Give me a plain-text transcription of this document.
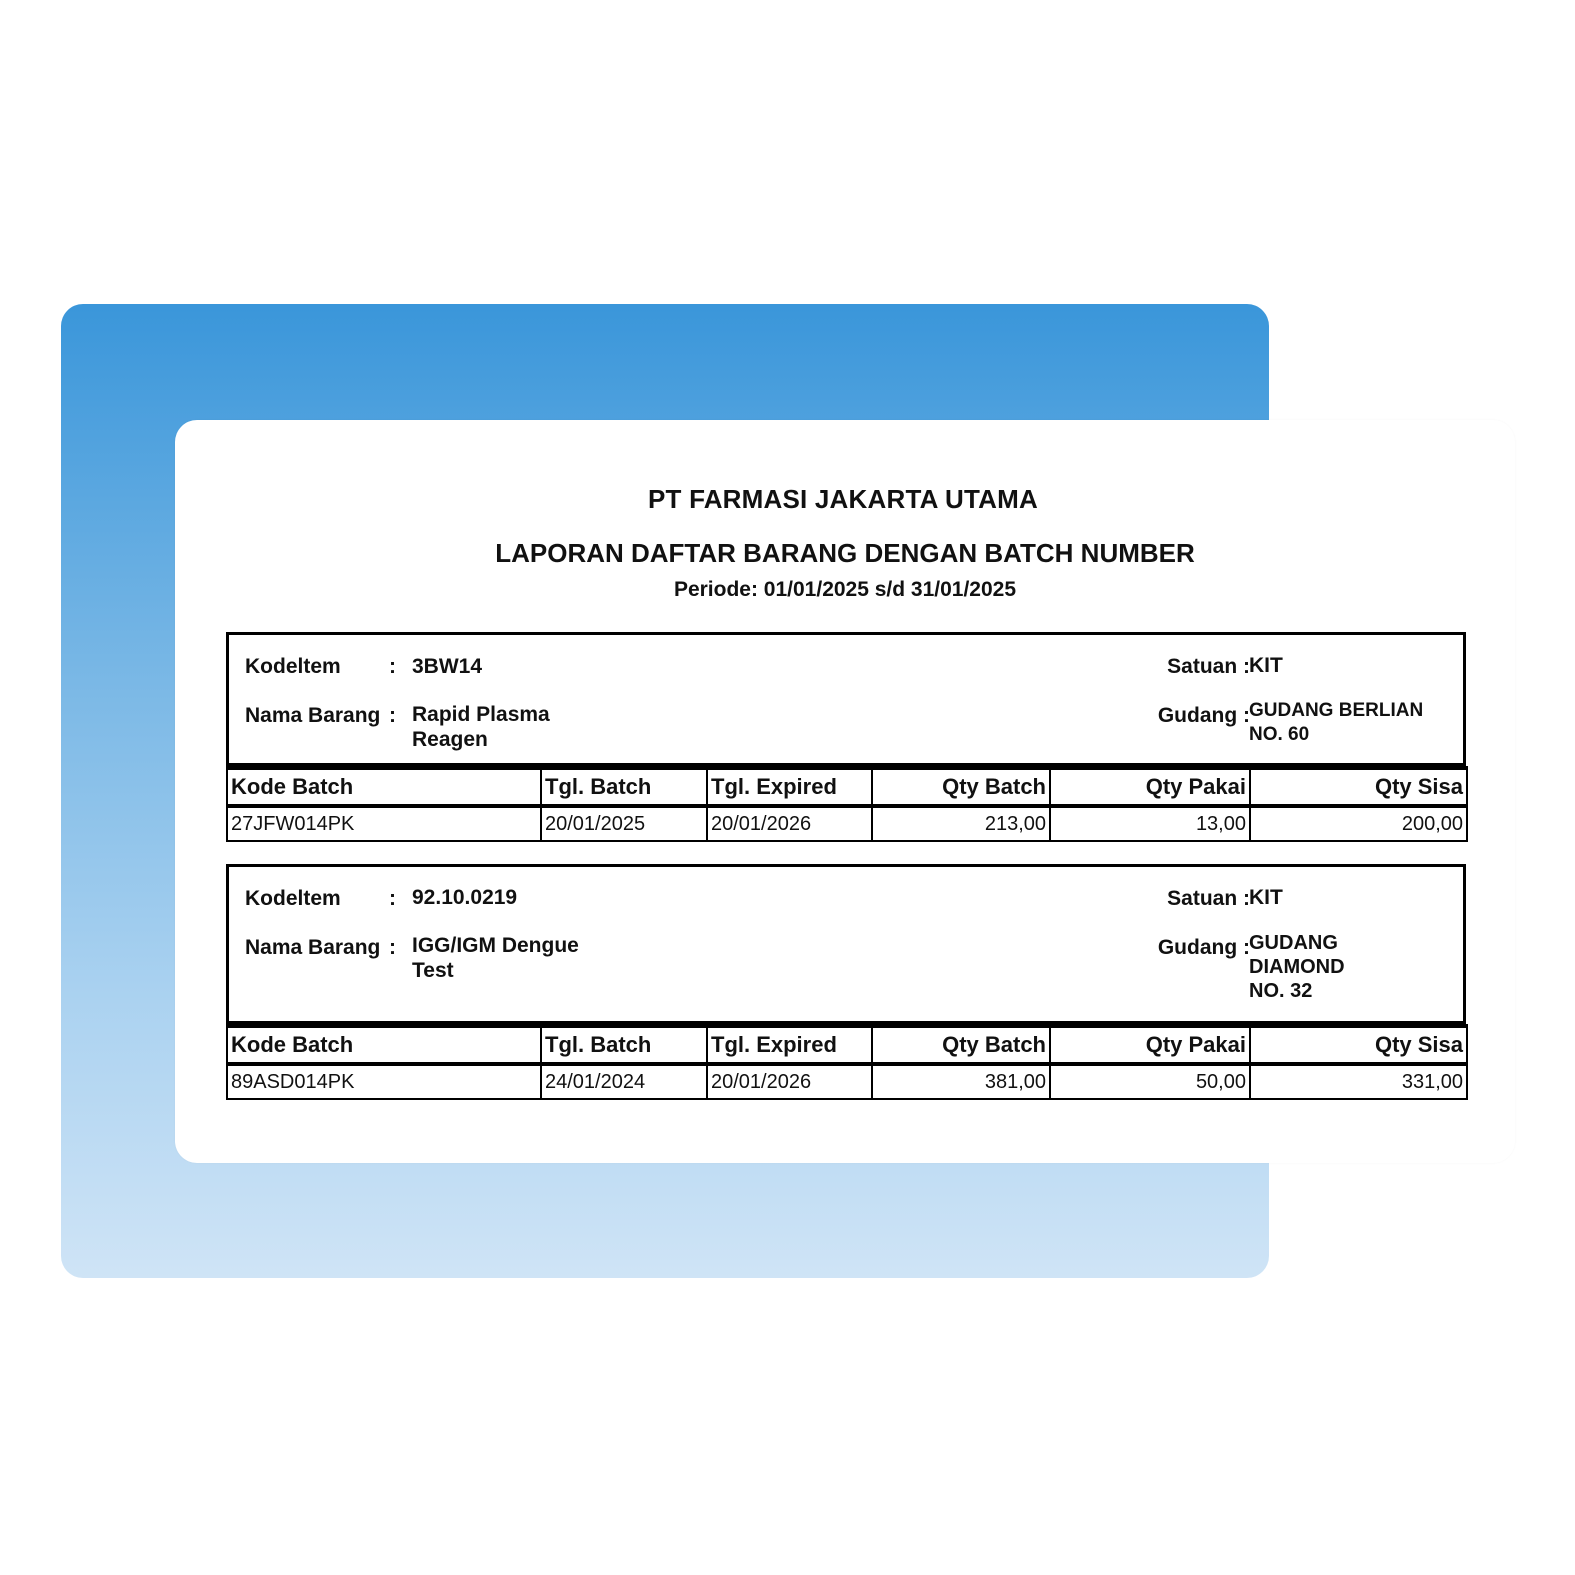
PT FARMASI JAKARTA UTAMA
LAPORAN DAFTAR BARANG DENGAN BATCH NUMBER
Periode: 01/01/2025 s/d 31/01/2025
Kodeltem : 3BW14
Nama Barang : Rapid Plasma
Reagen
Satuan : KIT
Gudang : GUDANG BERLIAN
NO. 60
Kode Batch	Tgl. Batch	Tgl. Expired	Qty Batch	Qty Pakai	Qty Sisa
27JFW014PK	20/01/2025	20/01/2026	213,00	13,00	200,00
Kodeltem : 92.10.0219
Nama Barang : IGG/IGM Dengue
Test
Satuan : KIT
Gudang : GUDANG
DIAMOND
NO. 32
Kode Batch	Tgl. Batch	Tgl. Expired	Qty Batch	Qty Pakai	Qty Sisa
89ASD014PK	24/01/2024	20/01/2026	381,00	50,00	331,00
